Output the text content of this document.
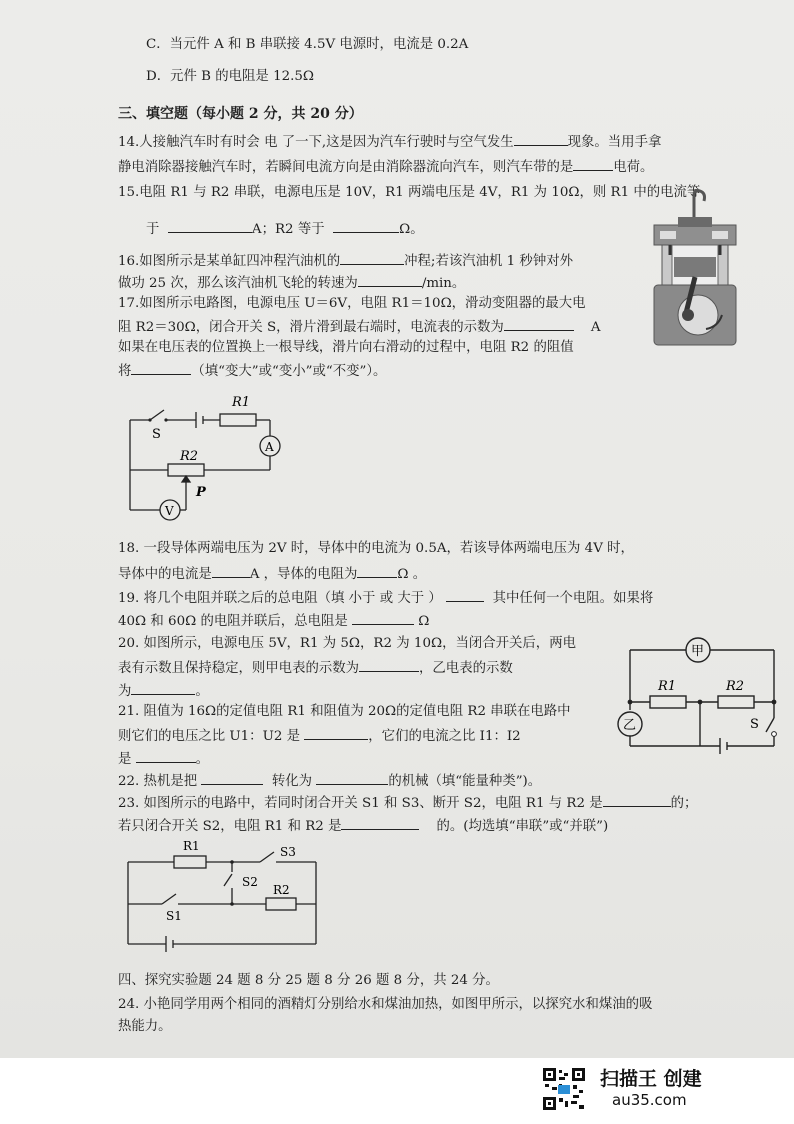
C．当元件 A 和 B 串联接 4.5V 电源时，电流是 0.2A
D．元件 B 的电阻是 12.5Ω
三、填空题（每小题 2 分，共 20 分）
14.人接触汽车时有时会 电 了一下,这是因为汽车行驶时与空气发生	现象。当用手拿
静电消除器接触汽车时，若瞬间电流方向是由消除器流向汽车，则汽车带的是	电荷。
15.电阻 R1 与 R2 串联，电源电压是 10V，R1 两端电压是 4V，R1 为 10Ω，则 R1 中的电流等
于	A；R2 等于	Ω。
16.如图所示是某单缸四冲程汽油机的	冲程;若该汽油机 1 秒钟对外
做功 25 次，那么该汽油机飞轮的转速为	/min。
17.如图所示电路图，电源电压 U＝6V，电阻 R1＝10Ω，滑动变阻器的最大电
阻 R2＝30Ω，闭合开关 S，滑片滑到最右端时，电流表的示数为	A
如果在电压表的位置换上一根导线，滑片向右滑动的过程中，电阻 R2 的阻值
将	（填“变大”或“变小”或“不变”）。
R1
R2
S
P
A
V
18. 一段导体两端电压为 2V 时，导体中的电流为 0.5A，若该导体两端电压为 4V 时，
导体中的电流是	A ，导体的电阻为	Ω 。
19. 将几个电阻并联之后的总电阻（填 小于 或 大于 ）	其中任何一个电阻。如果将
40Ω 和 60Ω 的电阻并联后，总电阻是	Ω
20. 如图所示，电源电压 5V，R1 为 5Ω，R2 为 10Ω，当闭合开关后，两电
表有示数且保持稳定，则甲电表的示数为	，乙电表的示数
为	。
甲
乙
R1	R2
S
21. 阻值为 16Ω的定值电阻 R1 和阻值为 20Ω的定值电阻 R2 串联在电路中
则它们的电压之比 U1：U2 是	，它们的电流之比 I1：I2
是	。
22. 热机是把	转化为	的机械（填“能量种类”)。
23. 如图所示的电路中，若同时闭合开关 S1 和 S3、断开 S2，电阻 R1 与 R2 是	的；
若只闭合开关 S2，电阻 R1 和 R2 是	的。(均选填“串联”或“并联”)
R1
R2
S1
S2
S3
四、探究实验题 24 题 8 分 25 题 8 分 26 题 8 分，共 24 分。
24. 小艳同学用两个相同的酒精灯分别给水和煤油加热，如图甲所示，以探究水和煤油的吸
热能力。
扫描王 创建
au35.com
